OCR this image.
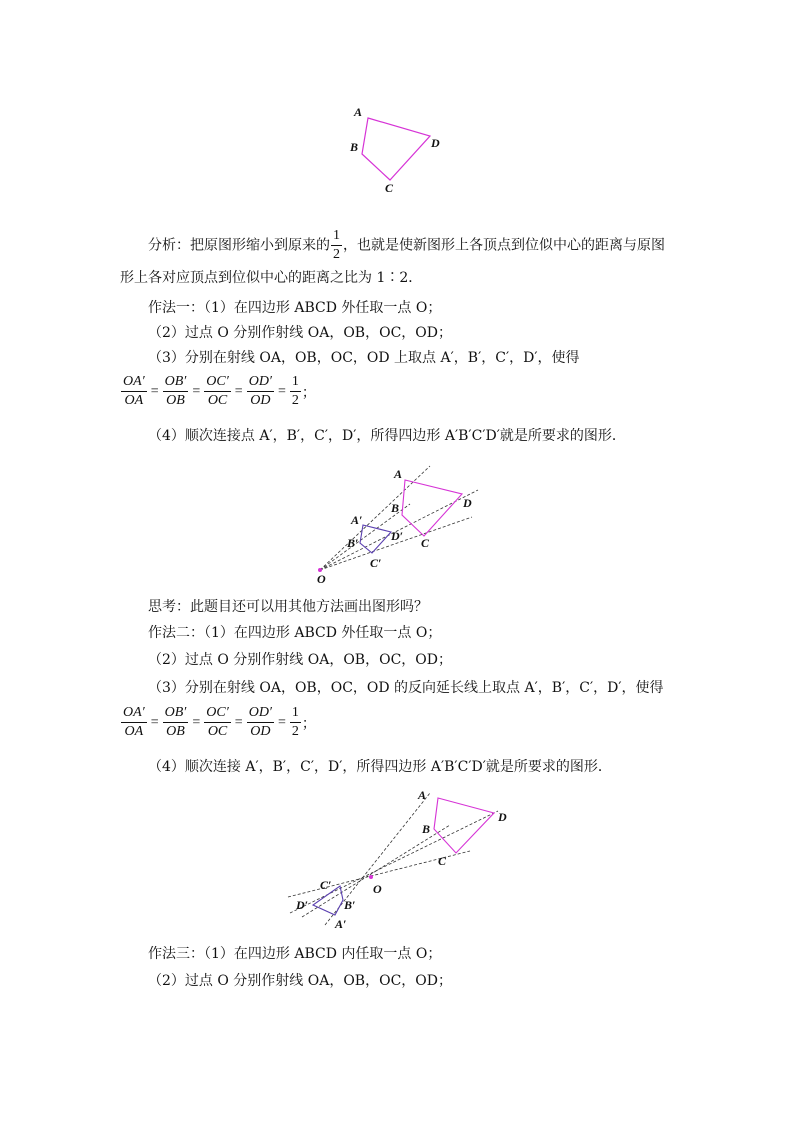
A
B
C
D
分析：把原图形缩小到原来的 $\frac{1}{2}$ ，也就是使新图形上各顶点到位似中心的距离与原图
形上各对应顶点到位似中心的距离之比为 1∶2．
作法一：（1）在四边形 ABCD 外任取一点 O；
（2）过点 O 分别作射线 OA，OB，OC，OD；
（3）分别在射线 OA，OB，OC，OD 上取点 A′，B′，C′，D′，使得
$\frac{OA'}{OA} = \frac{OB'}{OB} = \frac{OC'}{OC} = \frac{OD'}{OD} = \frac{1}{2}$ ；
（4）顺次连接点 A′，B′，C′，D′，所得四边形 A′B′C′D′就是所要求的图形．
A
B
C
D
A′
B′
C′
D′
O
思考：此题目还可以用其他方法画出图形吗？
作法二：（1）在四边形 ABCD 外任取一点 O；
（2）过点 O 分别作射线 OA，OB，OC，OD；
（3）分别在射线 OA，OB，OC，OD 的反向延长线上取点 A′，B′，C′，D′，使得
$\frac{OA'}{OA} = \frac{OB'}{OB} = \frac{OC'}{OC} = \frac{OD'}{OD} = \frac{1}{2}$ ；
（4）顺次连接 A′，B′，C′，D′，所得四边形 A′B′C′D′就是所要求的图形．
A
B
C
D
A′
B′
C′
D′
O
作法三：（1）在四边形 ABCD 内任取一点 O；
（2）过点 O 分别作射线 OA，OB，OC，OD；
